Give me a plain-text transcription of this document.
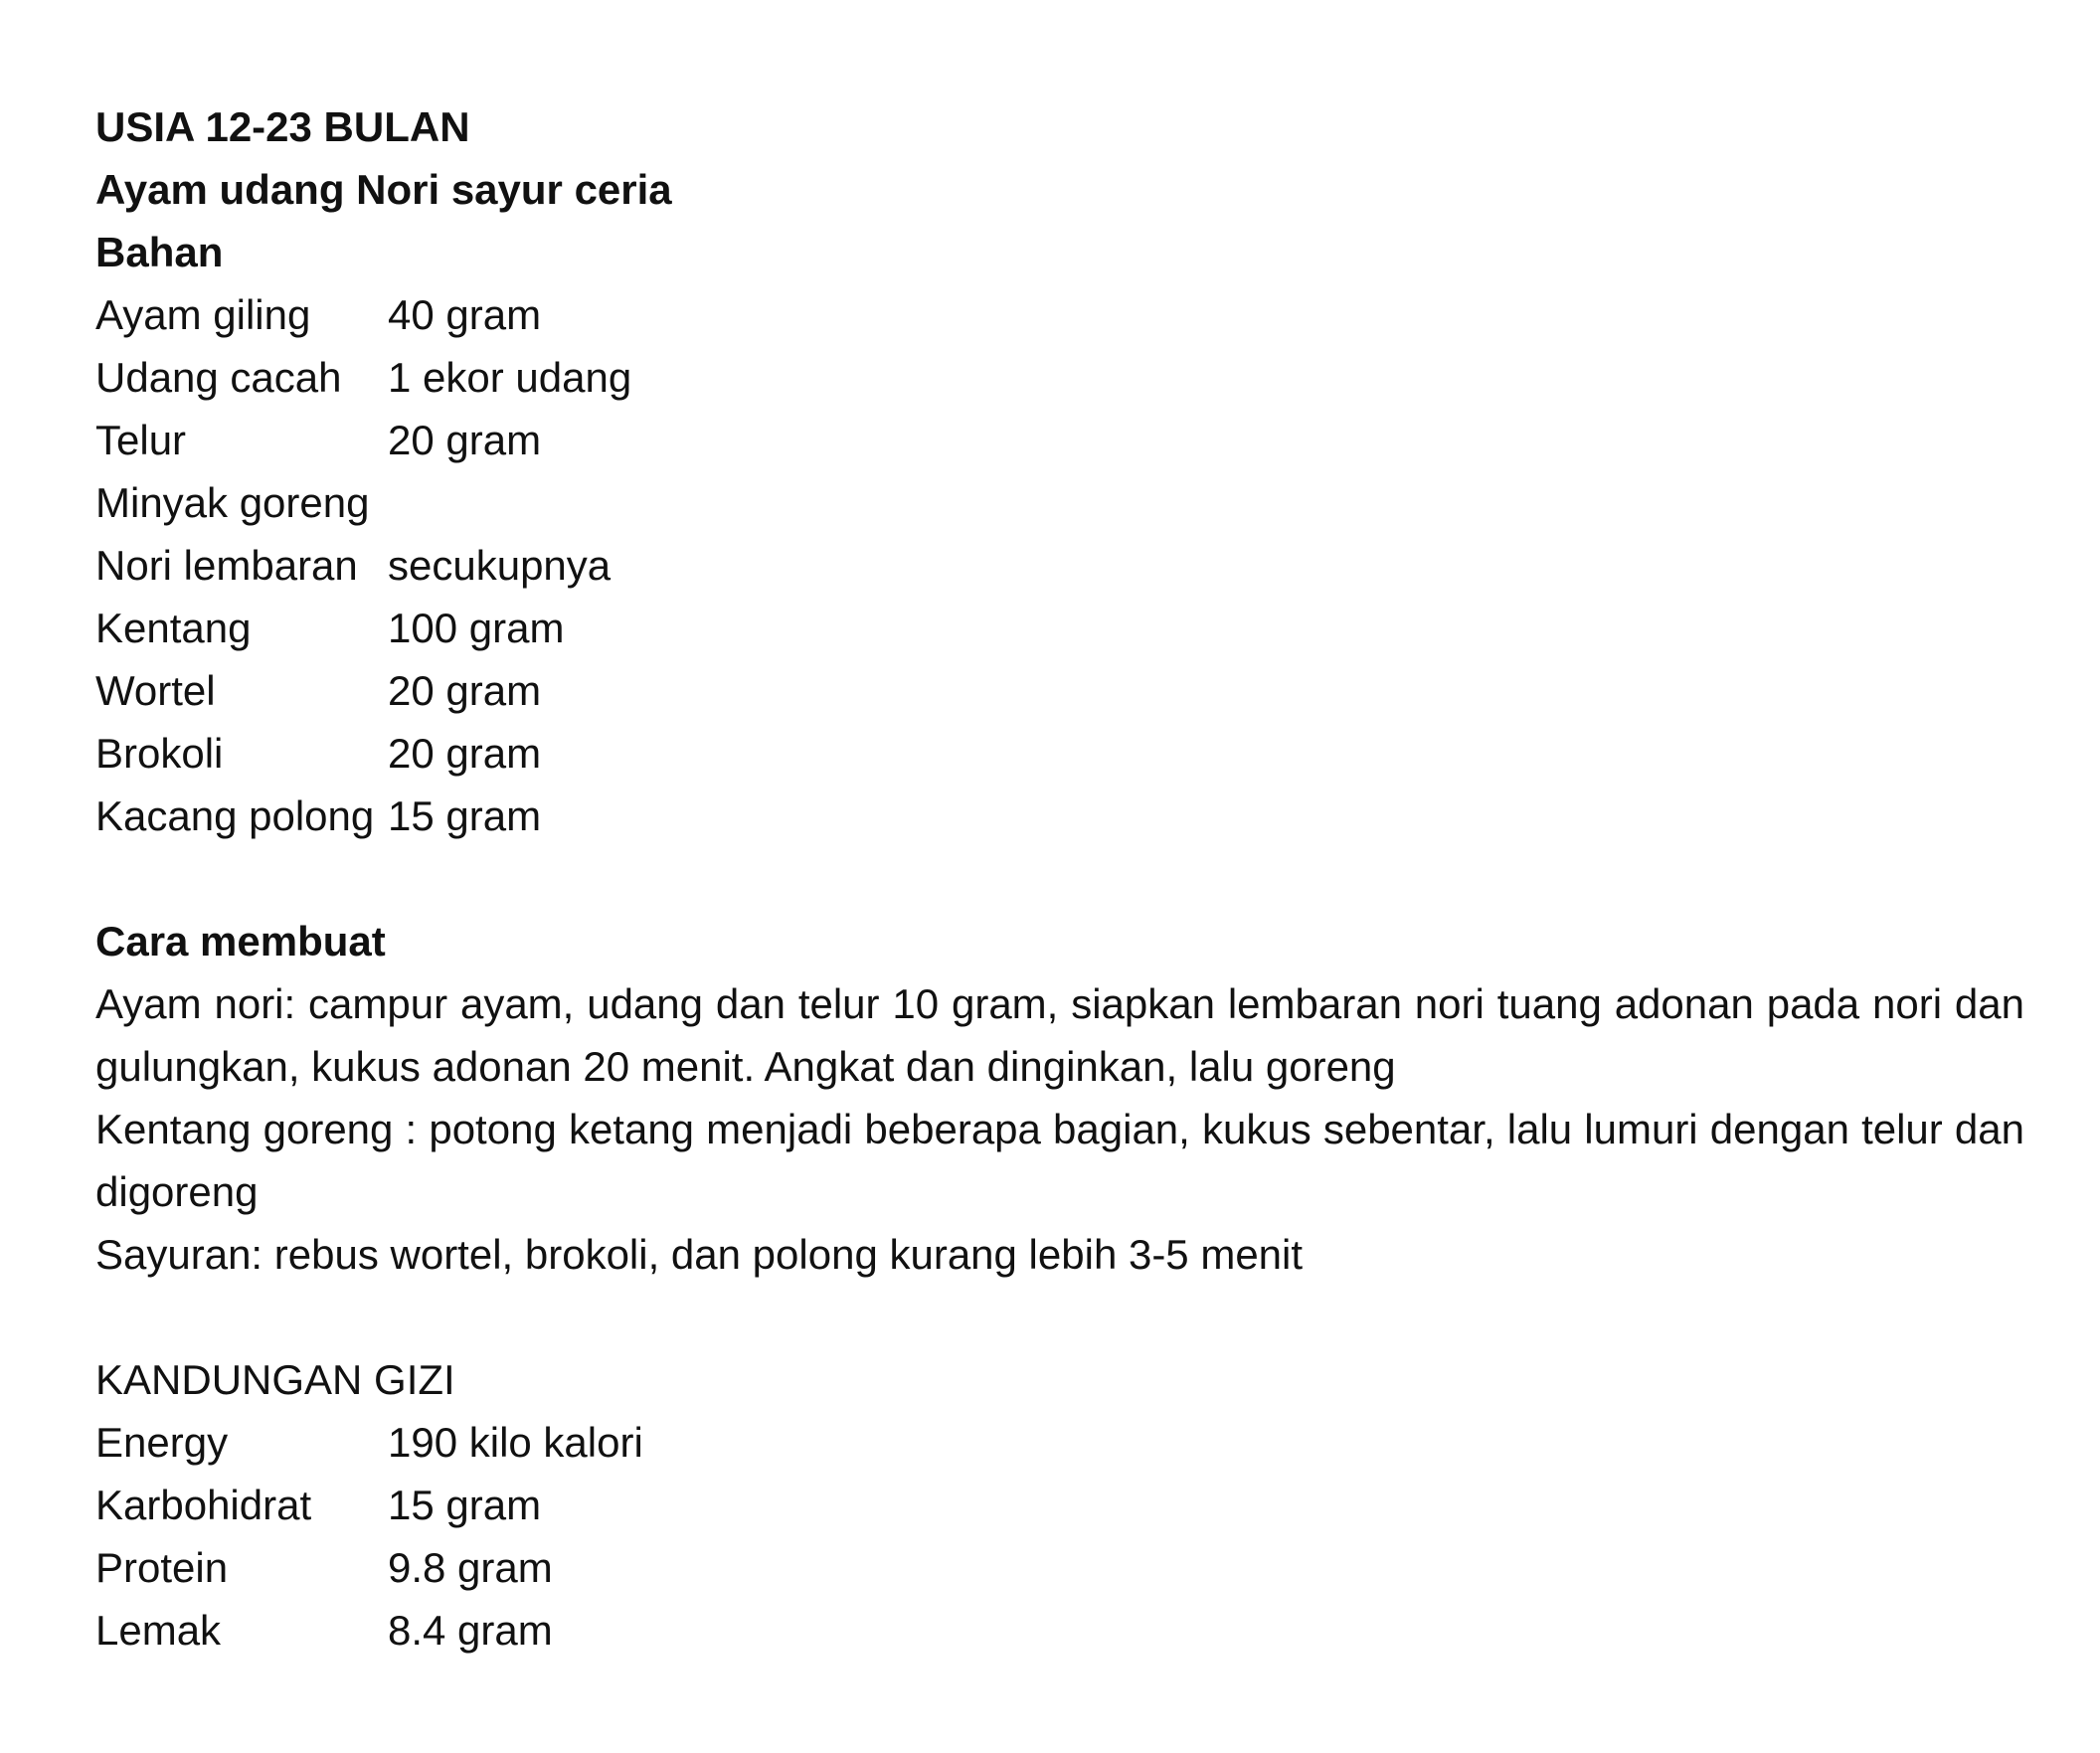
USIA 12-23 BULAN
Ayam udang Nori sayur ceria
Bahan
Ayam giling	40 gram
Udang cacah	1 ekor udang
Telur	20 gram
Minyak goreng
Nori lembaran secukupnya
Kentang	100 gram
Wortel	20 gram
Brokoli	20 gram
Kacang polong 15 gram
Cara membuat
Ayam nori: campur ayam, udang dan telur 10 gram, siapkan lembaran nori tuang adonan pada nori dan gulungkan, kukus adonan 20 menit. Angkat dan dinginkan, lalu goreng
Kentang goreng : potong ketang menjadi beberapa bagian, kukus sebentar, lalu lumuri dengan telur dan digoreng
Sayuran: rebus wortel, brokoli, dan polong kurang lebih 3-5 menit
KANDUNGAN GIZI
Energy	190 kilo kalori
Karbohidrat	15 gram
Protein	9.8 gram
Lemak	8.4 gram
